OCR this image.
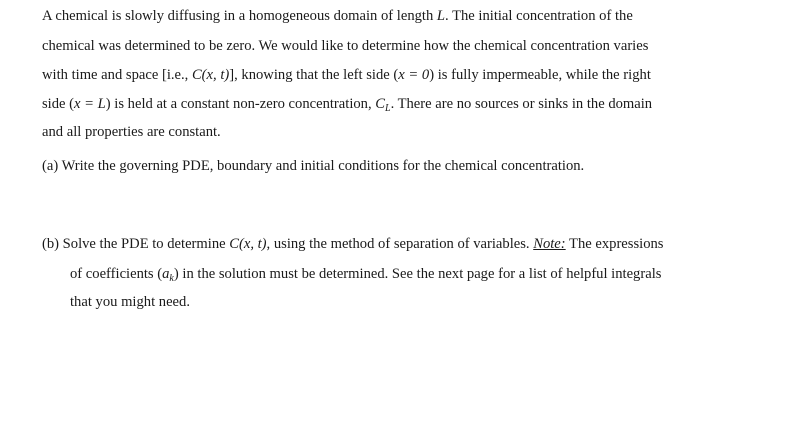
A chemical is slowly diffusing in a homogeneous domain of length L. The initial concentration of the
chemical was determined to be zero. We would like to determine how the chemical concentration varies
with time and space [i.e., C(x, t)], knowing that the left side (x = 0) is fully impermeable, while the right
side (x = L) is held at a constant non-zero concentration, $C_L$. There are no sources or sinks in the domain
and all properties are constant.
(a) Write the governing PDE, boundary and initial conditions for the chemical concentration.
(b) Solve the PDE to determine C(x, t), using the method of separation of variables. Note: The expressions
of coefficients $(a_k)$ in the solution must be determined. See the next page for a list of helpful integrals
that you might need.
